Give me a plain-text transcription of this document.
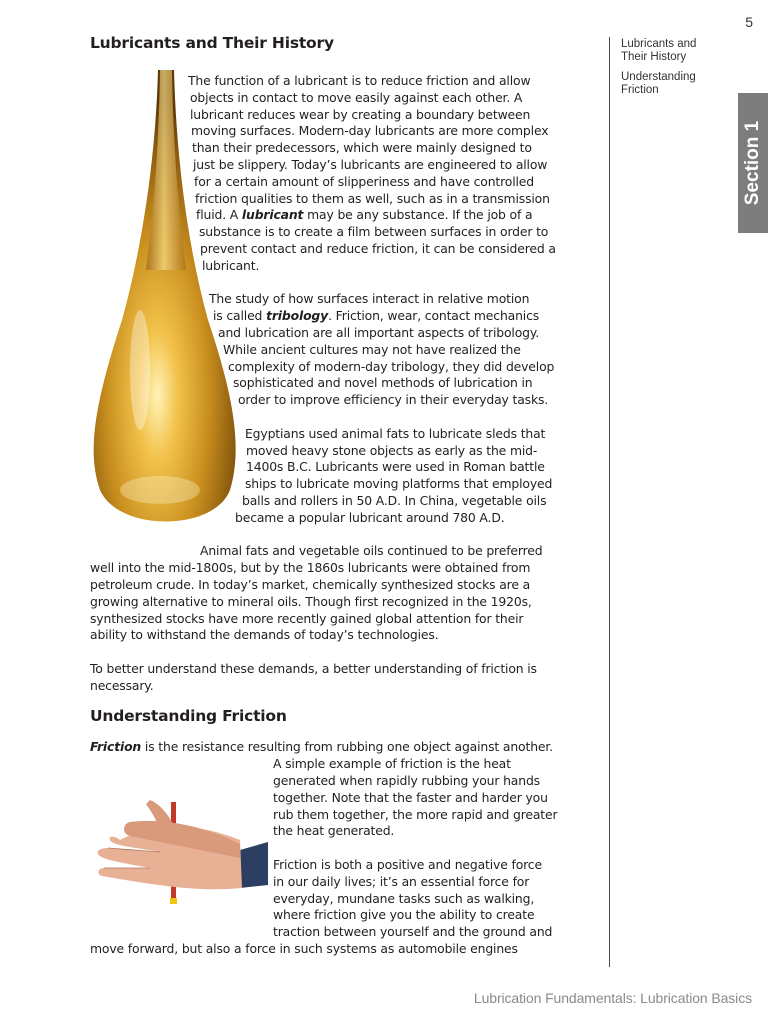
5
Lubricants and Their History

The function of a lubricant is to reduce friction and allow
objects in contact to move easily against each other. A
lubricant reduces wear by creating a boundary between
moving surfaces. Modern-day lubricants are more complex
than their predecessors, which were mainly designed to
just be slippery. Today’s lubricants are engineered to allow
for a certain amount of slipperiness and have controlled
friction qualities to them as well, such as in a transmission
fluid. A lubricant may be any substance. If the job of a
substance is to create a film between surfaces in order to
prevent contact and reduce friction, it can be considered a
lubricant.

The study of how surfaces interact in relative motion
is called tribology. Friction, wear, contact mechanics
and lubrication are all important aspects of tribology.
While ancient cultures may not have realized the
complexity of modern-day tribology, they did develop
sophisticated and novel methods of lubrication in
order to improve efficiency in their everyday tasks.

Egyptians used animal fats to lubricate sleds that
moved heavy stone objects as early as the mid-
1400s B.C. Lubricants were used in Roman battle
ships to lubricate moving platforms that employed
balls and rollers in 50 A.D. In China, vegetable oils
became a popular lubricant around 780 A.D.

Animal fats and vegetable oils continued to be preferred
well into the mid-1800s, but by the 1860s lubricants were obtained from
petroleum crude. In today’s market, chemically synthesized stocks are a
growing alternative to mineral oils. Though first recognized in the 1920s,
synthesized stocks have more recently gained global attention for their
ability to withstand the demands of today’s technologies.

To better understand these demands, a better understanding of friction is
necessary.

Understanding Friction

Friction is the resistance resulting from rubbing one object against another.
A simple example of friction is the heat
generated when rapidly rubbing your hands
together. Note that the faster and harder you
rub them together, the more rapid and greater
the heat generated.

Friction is both a positive and negative force
in our daily lives; it’s an essential force for
everyday, mundane tasks such as walking,
where friction give you the ability to create
traction between yourself and the ground and
move forward, but also a force in such systems as automobile engines

Lubricants and
Their History
Understanding
Friction
Section 1
Lubrication Fundamentals: Lubrication Basics
